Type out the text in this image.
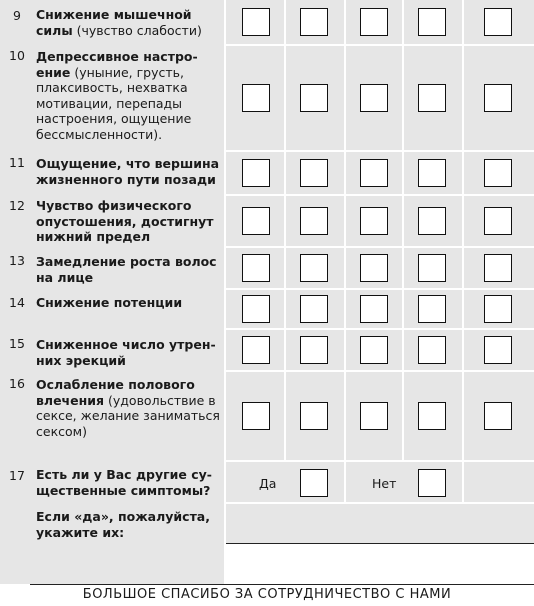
9	Снижение мышечной силы (чувство слабости)
10 Депрессивное настро-ение (уныние, грусть, плаксивость, нехватка мотивации, перепады настроения, ощущение бессмысленности).
11 Ощущение, что вершина жизненного пути позади
12 Чувство физического опустошения, достигнут нижний предел
13 Замедление роста волос на лице
14 Снижение потенции
15 Сниженное число утрен-них эрекций
16 Ослабление полового влечения (удовольствие в сексе, желание заниматься сексом)
17 Есть ли у Вас другие су-щественные симптомы?
Если «да», пожалуйста, укажите их:
Да	Нет
БОЛЬШОЕ СПАСИБО ЗА СОТРУДНИЧЕСТВО С НАМИ
